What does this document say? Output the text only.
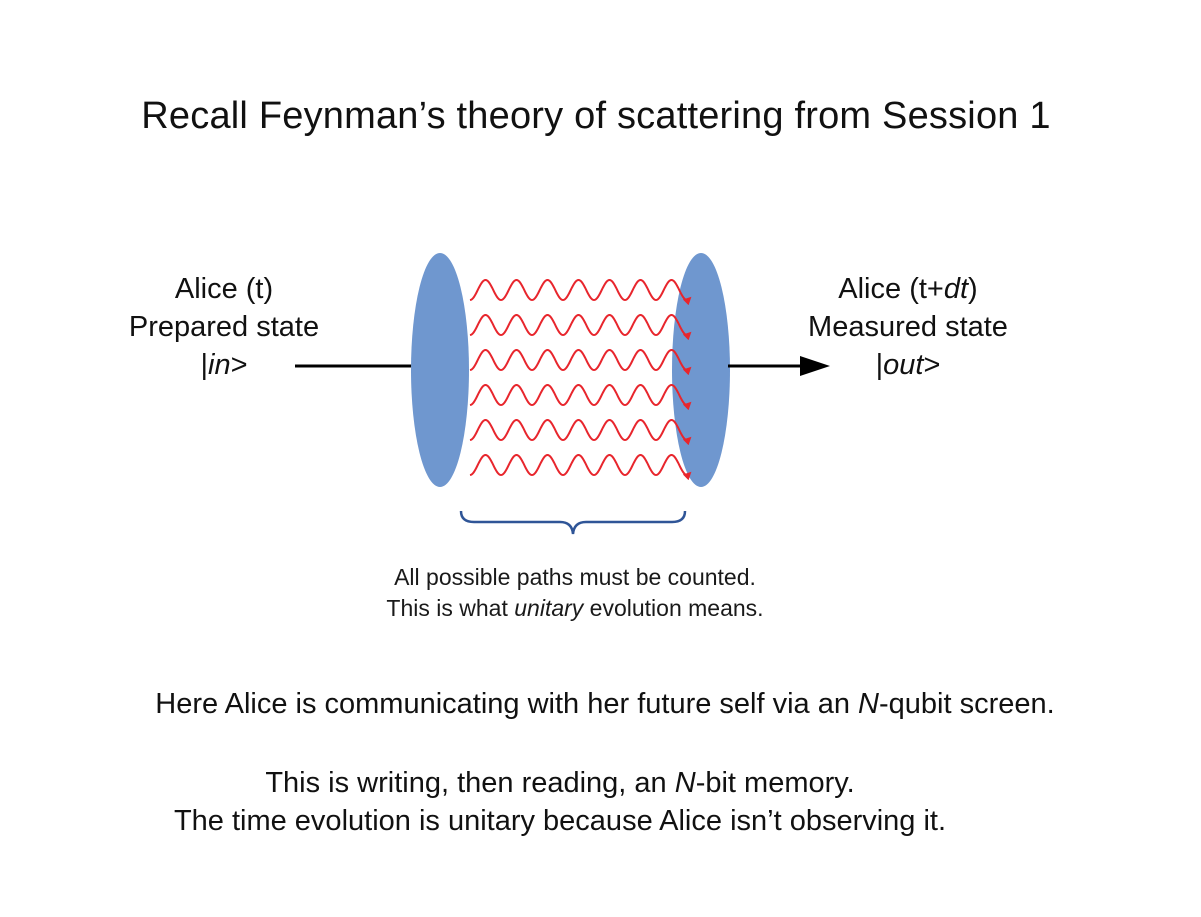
Recall Feynman’s theory of scattering from Session 1
Alice (t)
Prepared state
|in>
Alice (t+dt)
Measured state
|out>
All possible paths must be counted.
This is what unitary evolution means.
Here Alice is communicating with her future self via an N-qubit screen.
This is writing, then reading, an N-bit memory.
The time evolution is unitary because Alice isn’t observing it.
